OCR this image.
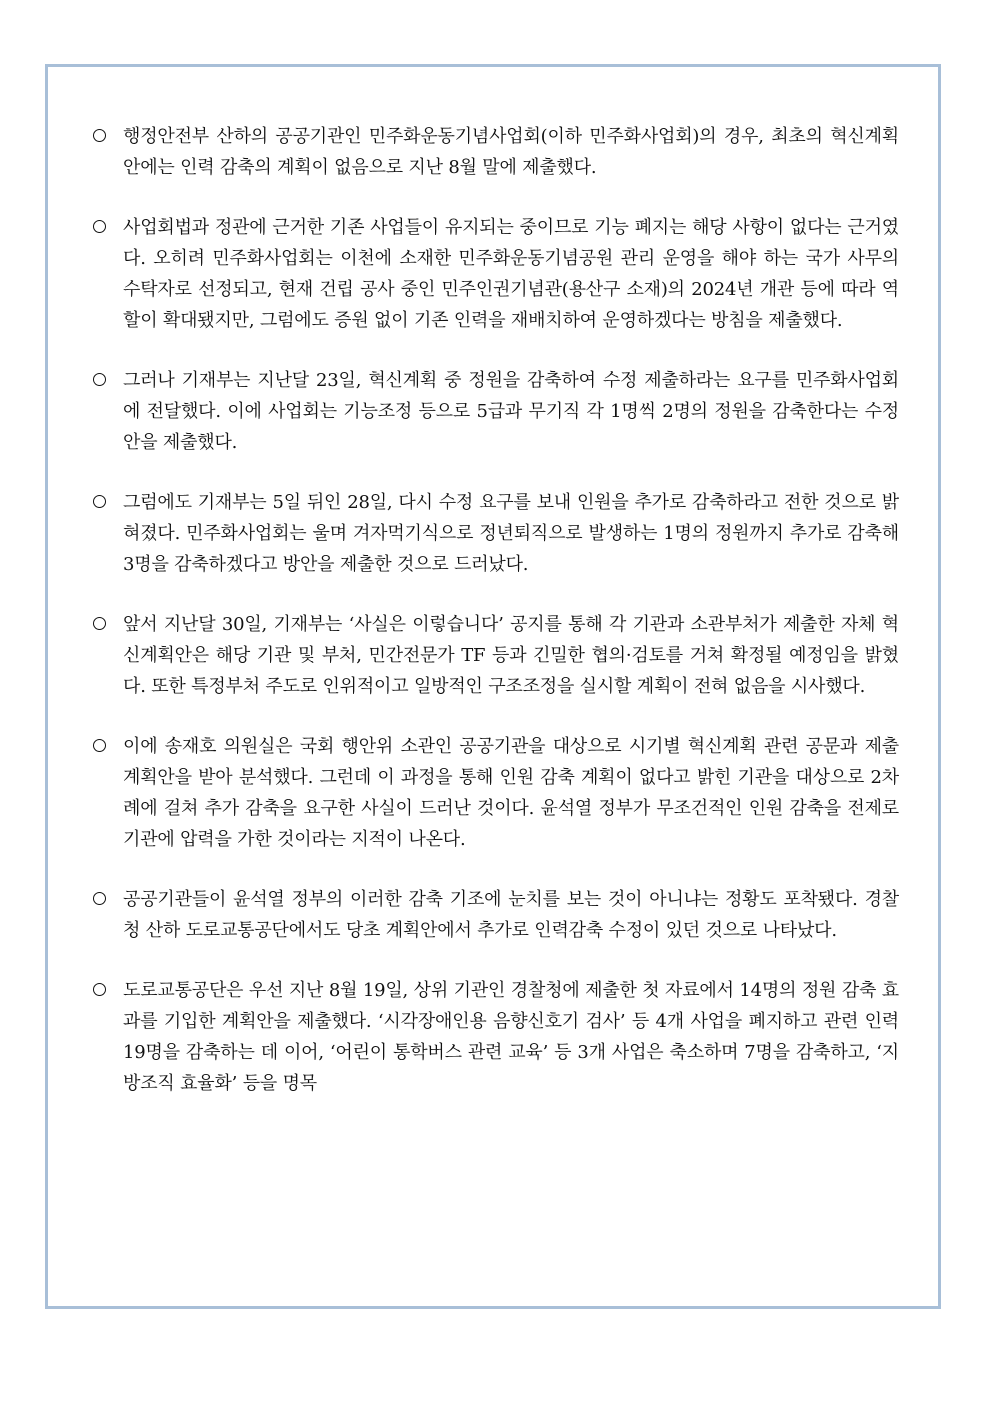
행정안전부 산하의 공공기관인 민주화운동기념사업회(이하 민주화사업회)의 경우, 최초의 혁신계획안에는 인력 감축의 계획이 없음으로 지난 8월 말에 제출했다.
사업회법과 정관에 근거한 기존 사업들이 유지되는 중이므로 기능 폐지는 해당 사항이 없다는 근거였다. 오히려 민주화사업회는 이천에 소재한 민주화운동기념공원 관리 운영을 해야 하는 국가 사무의 수탁자로 선정되고, 현재 건립 공사 중인 민주인권기념관(용산구 소재)의 2024년 개관 등에 따라 역할이 확대됐지만, 그럼에도 증원 없이 기존 인력을 재배치하여 운영하겠다는 방침을 제출했다.
그러나 기재부는 지난달 23일, 혁신계획 중 정원을 감축하여 수정 제출하라는 요구를 민주화사업회에 전달했다. 이에 사업회는 기능조정 등으로 5급과 무기직 각 1명씩 2명의 정원을 감축한다는 수정안을 제출했다.
그럼에도 기재부는 5일 뒤인 28일, 다시 수정 요구를 보내 인원을 추가로 감축하라고 전한 것으로 밝혀졌다. 민주화사업회는 울며 겨자먹기식으로 정년퇴직으로 발생하는 1명의 정원까지 추가로 감축해 3명을 감축하겠다고 방안을 제출한 것으로 드러났다.
앞서 지난달 30일, 기재부는 ‘사실은 이렇습니다’ 공지를 통해 각 기관과 소관부처가 제출한 자체 혁신계획안은 해당 기관 및 부처, 민간전문가 TF 등과 긴밀한 협의·검토를 거쳐 확정될 예정임을 밝혔다. 또한 특정부처 주도로 인위적이고 일방적인 구조조정을 실시할 계획이 전혀 없음을 시사했다.
이에 송재호 의원실은 국회 행안위 소관인 공공기관을 대상으로 시기별 혁신계획 관련 공문과 제출 계획안을 받아 분석했다. 그런데 이 과정을 통해 인원 감축 계획이 없다고 밝힌 기관을 대상으로 2차례에 걸쳐 추가 감축을 요구한 사실이 드러난 것이다. 윤석열 정부가 무조건적인 인원 감축을 전제로 기관에 압력을 가한 것이라는 지적이 나온다.
공공기관들이 윤석열 정부의 이러한 감축 기조에 눈치를 보는 것이 아니냐는 정황도 포착됐다. 경찰청 산하 도로교통공단에서도 당초 계획안에서 추가로 인력감축 수정이 있던 것으로 나타났다.
도로교통공단은 우선 지난 8월 19일, 상위 기관인 경찰청에 제출한 첫 자료에서 14명의 정원 감축 효과를 기입한 계획안을 제출했다. ‘시각장애인용 음향신호기 검사’ 등 4개 사업을 폐지하고 관련 인력 19명을 감축하는 데 이어, ‘어린이 통학버스 관련 교육’ 등 3개 사업은 축소하며 7명을 감축하고, ‘지방조직 효율화’ 등을 명목
